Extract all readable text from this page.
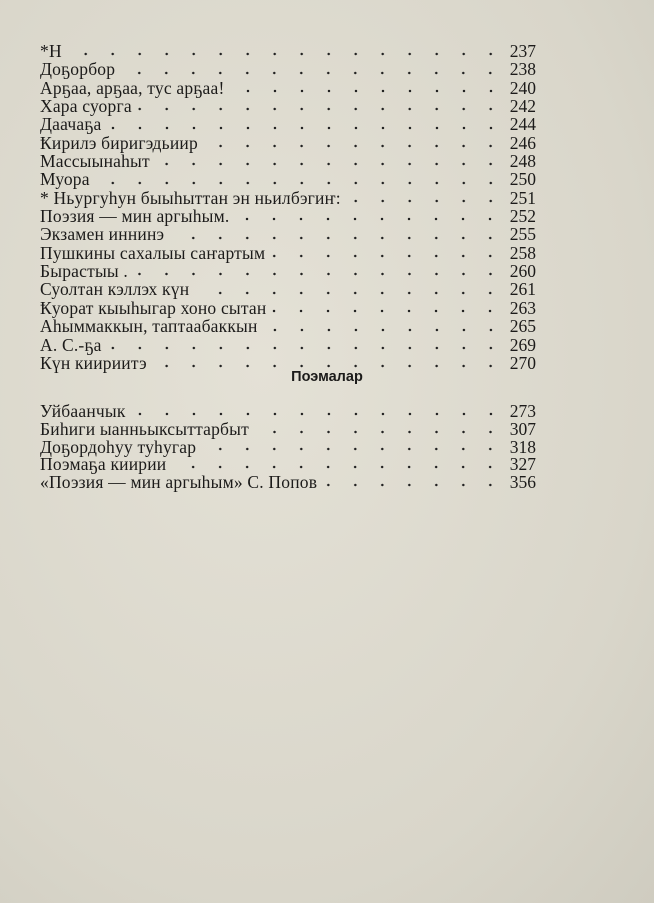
*Н	237
Доҕорбор	238
Арҕаа, арҕаа, тус арҕаа!	240
Хара суорга	242
Даачаҕа	244
Ҟирилэ биригэдьиир	246
Массыынаһыт	248
Муора	250
* Ньургуһун быыһыттан эн ньилбэгиҥ:	251
Поэзия — мин аргыһым.	252
Экзамен иннинэ	255
Пушкины сахалыы саҥартым	258
Бырастыы .	260
Суолтан кэллэх күн	261
Ҟуорат кыыһыгар хоно сытан	263
Аһыммаккын, таптаабаккын	265
А. С.-ҕа	269
Күн киириитэ	270
Поэмалар
Уйбаанчык	273
Биһиги ыанньыксыттарбыт	307
Доҕордоһуу туһугар	318
Поэмаҕа киирии	327
«Поэзия — мин аргыһым» С. Попов	356
